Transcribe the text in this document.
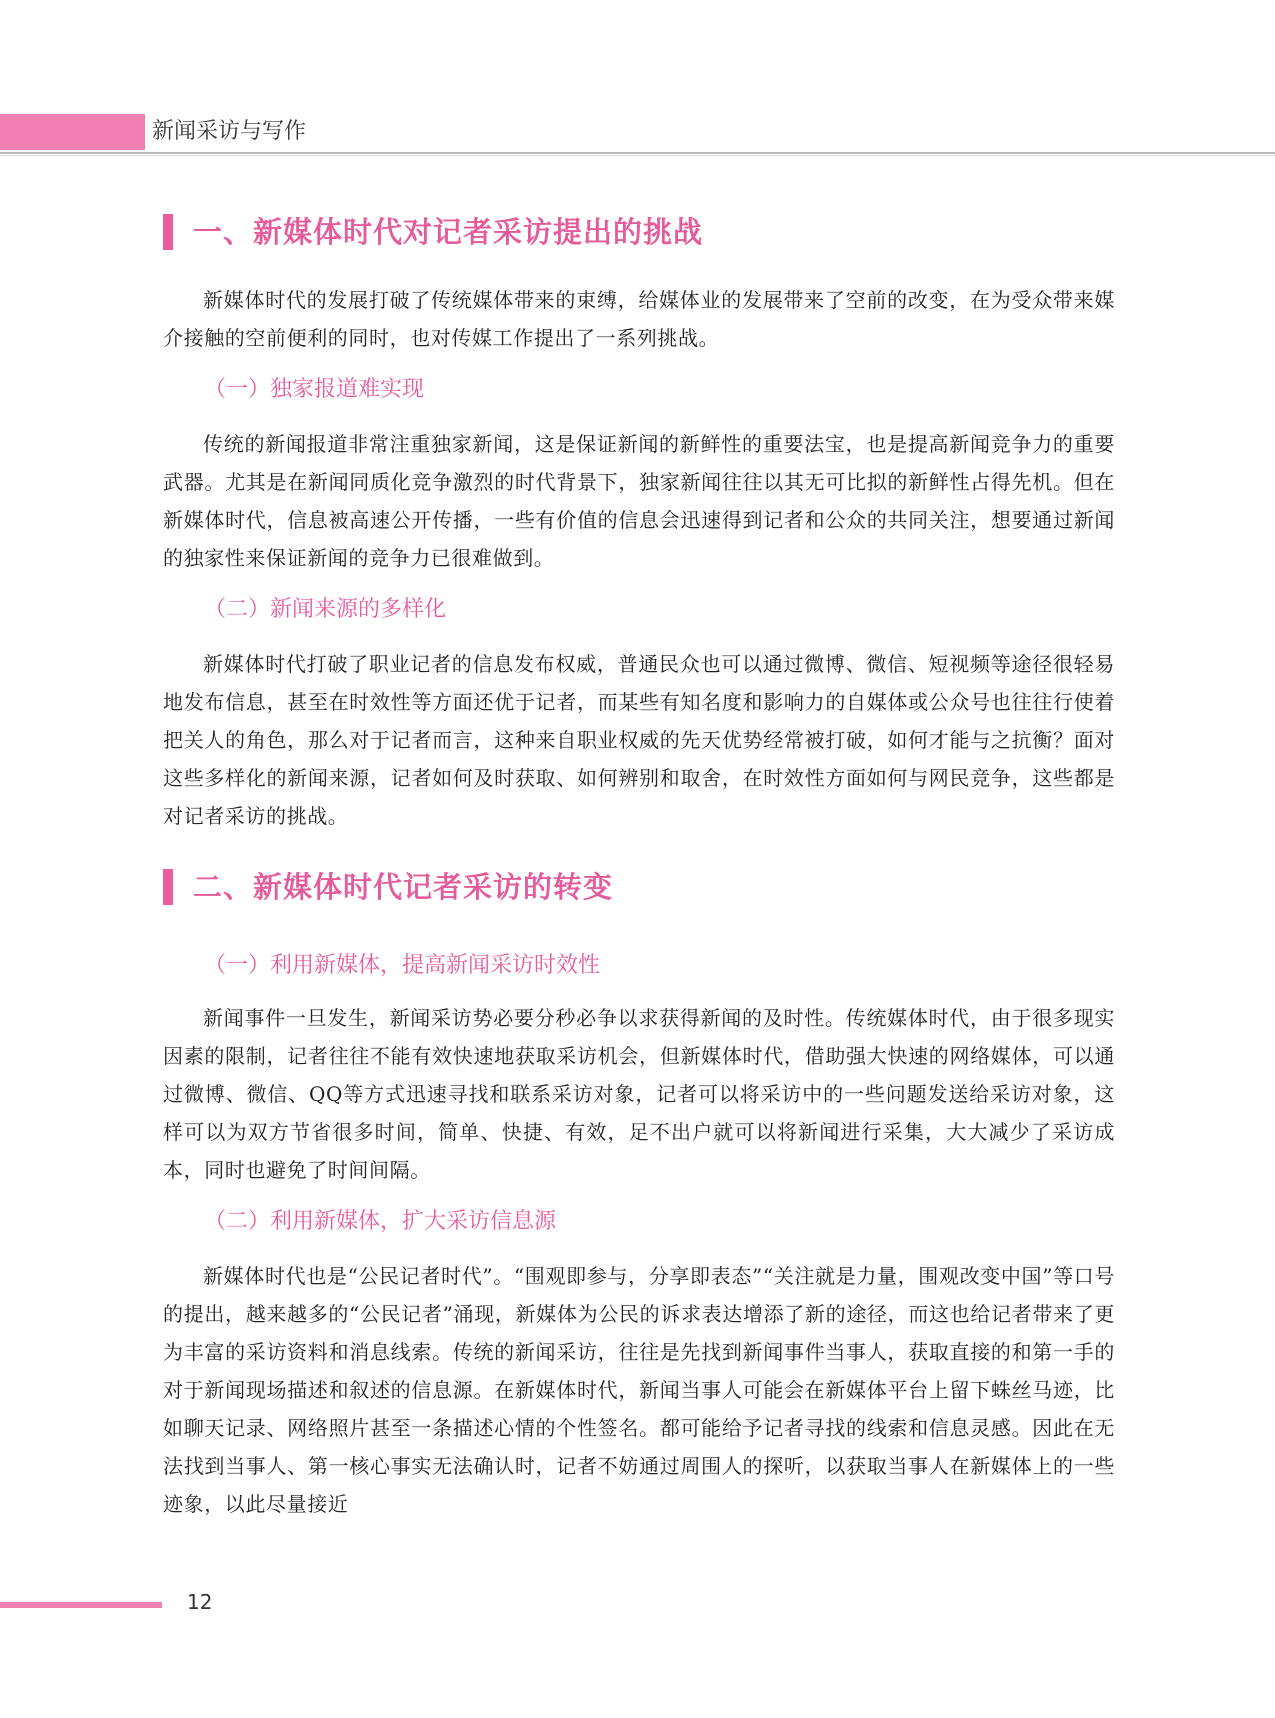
新闻采访与写作
一、新媒体时代对记者采访提出的挑战

新媒体时代的发展打破了传统媒体带来的束缚，给媒体业的发展带来了空前的改变，在为受众带来媒介接触的空前便利的同时，也对传媒工作提出了一系列挑战。

（一）独家报道难实现

传统的新闻报道非常注重独家新闻，这是保证新闻的新鲜性的重要法宝，也是提高新闻竞争力的重要武器。尤其是在新闻同质化竞争激烈的时代背景下，独家新闻往往以其无可比拟的新鲜性占得先机。但在新媒体时代，信息被高速公开传播，一些有价值的信息会迅速得到记者和公众的共同关注，想要通过新闻的独家性来保证新闻的竞争力已很难做到。

（二）新闻来源的多样化

新媒体时代打破了职业记者的信息发布权威，普通民众也可以通过微博、微信、短视频等途径很轻易地发布信息，甚至在时效性等方面还优于记者，而某些有知名度和影响力的自媒体或公众号也往往行使着把关人的角色，那么对于记者而言，这种来自职业权威的先天优势经常被打破，如何才能与之抗衡？面对这些多样化的新闻来源，记者如何及时获取、如何辨别和取舍，在时效性方面如何与网民竞争，这些都是对记者采访的挑战。

二、新媒体时代记者采访的转变
（一）利用新媒体，提高新闻采访时效性

新闻事件一旦发生，新闻采访势必要分秒必争以求获得新闻的及时性。传统媒体时代，由于很多现实因素的限制，记者往往不能有效快速地获取采访机会，但新媒体时代，借助强大快速的网络媒体，可以通过微博、微信、QQ等方式迅速寻找和联系采访对象，记者可以将采访中的一些问题发送给采访对象，这样可以为双方节省很多时间，简单、快捷、有效，足不出户就可以将新闻进行采集，大大减少了采访成本，同时也避免了时间间隔。

（二）利用新媒体，扩大采访信息源

新媒体时代也是“公民记者时代”。“围观即参与，分享即表态”“关注就是力量，围观改变中国”等口号的提出，越来越多的“公民记者”涌现，新媒体为公民的诉求表达增添了新的途径，而这也给记者带来了更为丰富的采访资料和消息线索。传统的新闻采访，往往是先找到新闻事件当事人，获取直接的和第一手的对于新闻现场描述和叙述的信息源。在新媒体时代，新闻当事人可能会在新媒体平台上留下蛛丝马迹，比如聊天记录、网络照片甚至一条描述心情的个性签名。都可能给予记者寻找的线索和信息灵感。因此在无法找到当事人、第一核心事实无法确认时，记者不妨通过周围人的探听，以获取当事人在新媒体上的一些迹象，以此尽量接近

12
